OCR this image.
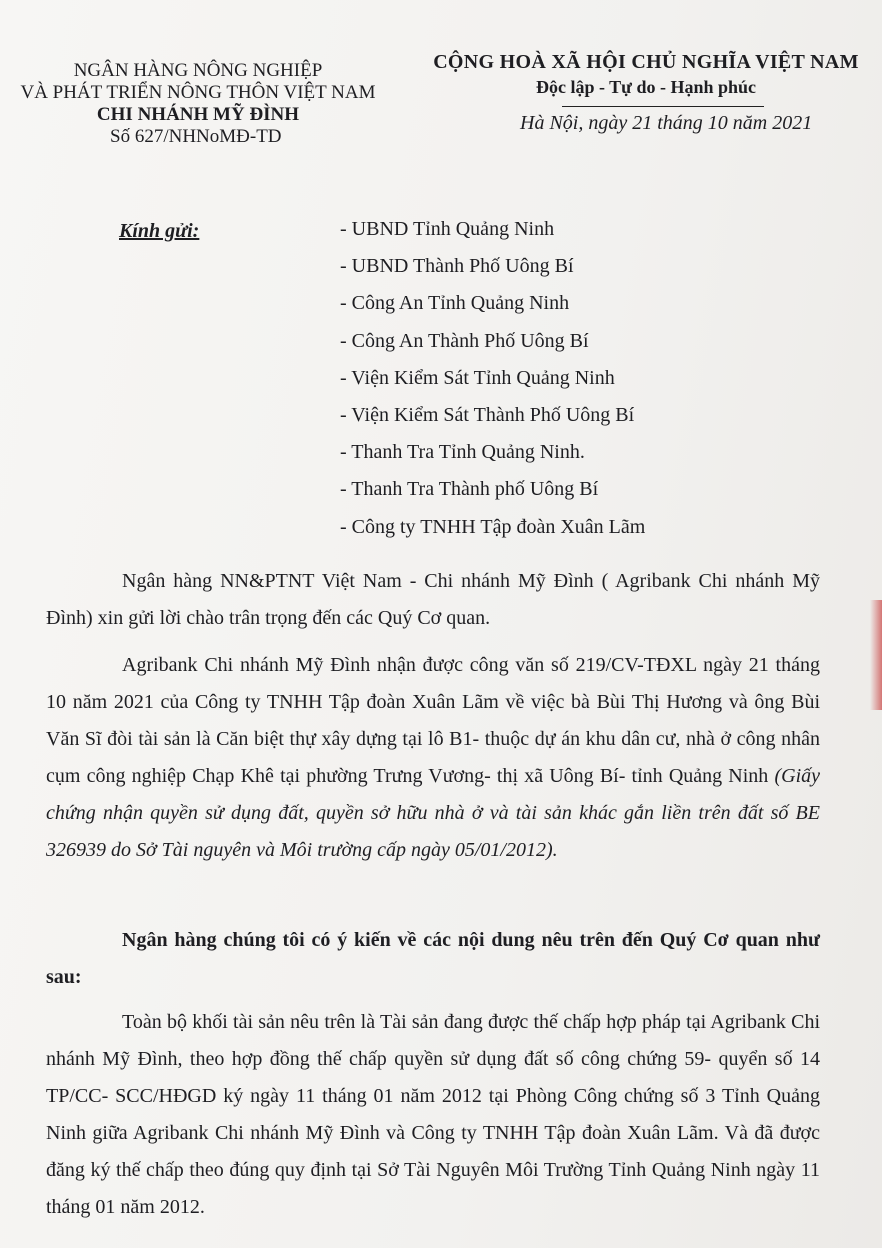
NGÂN HÀNG NÔNG NGHIỆP
VÀ PHÁT TRIỂN NÔNG THÔN VIỆT NAM
CHI NHÁNH MỸ ĐÌNH
Số 627/NHNoMĐ-TD
CỘNG HOÀ XÃ HỘI CHỦ NGHĨA VIỆT NAM
Độc lập - Tự do - Hạnh phúc
Hà Nội, ngày 21 tháng 10 năm 2021
Kính gửi:	- UBND Tỉnh Quảng Ninh
- UBND Thành Phố Uông Bí
- Công An Tỉnh Quảng Ninh
- Công An Thành Phố Uông Bí
- Viện Kiểm Sát Tỉnh Quảng Ninh
- Viện Kiểm Sát Thành Phố Uông Bí
- Thanh Tra Tỉnh Quảng Ninh.
- Thanh Tra Thành phố Uông Bí
- Công ty TNHH Tập đoàn Xuân Lãm
Ngân hàng NN&PTNT Việt Nam - Chi nhánh Mỹ Đình ( Agribank Chi nhánh Mỹ Đình) xin gửi lời chào trân trọng đến các Quý Cơ quan.
Agribank Chi nhánh Mỹ Đình nhận được công văn số 219/CV-TĐXL ngày 21 tháng 10 năm 2021 của Công ty TNHH Tập đoàn Xuân Lãm về việc bà Bùi Thị Hương và ông Bùi Văn Sĩ đòi tài sản là Căn biệt thự xây dựng tại lô B1- thuộc dự án khu dân cư, nhà ở công nhân cụm công nghiệp Chạp Khê tại phường Trưng Vương- thị xã Uông Bí- tỉnh Quảng Ninh (Giấy chứng nhận quyền sử dụng đất, quyền sở hữu nhà ở và tài sản khác gắn liền trên đất số BE 326939 do Sở Tài nguyên và Môi trường cấp ngày 05/01/2012).
Ngân hàng chúng tôi có ý kiến về các nội dung nêu trên đến Quý Cơ quan như sau:
Toàn bộ khối tài sản nêu trên là Tài sản đang được thế chấp hợp pháp tại Agribank Chi nhánh Mỹ Đình, theo hợp đồng thế chấp quyền sử dụng đất số công chứng 59- quyển số 14 TP/CC- SCC/HĐGD ký ngày 11 tháng 01 năm 2012 tại Phòng Công chứng số 3 Tỉnh Quảng Ninh giữa Agribank Chi nhánh Mỹ Đình và Công ty TNHH Tập đoàn Xuân Lãm. Và đã được đăng ký thế chấp theo đúng quy định tại Sở Tài Nguyên Môi Trường Tỉnh Quảng Ninh ngày 11 tháng 01 năm 2012.
